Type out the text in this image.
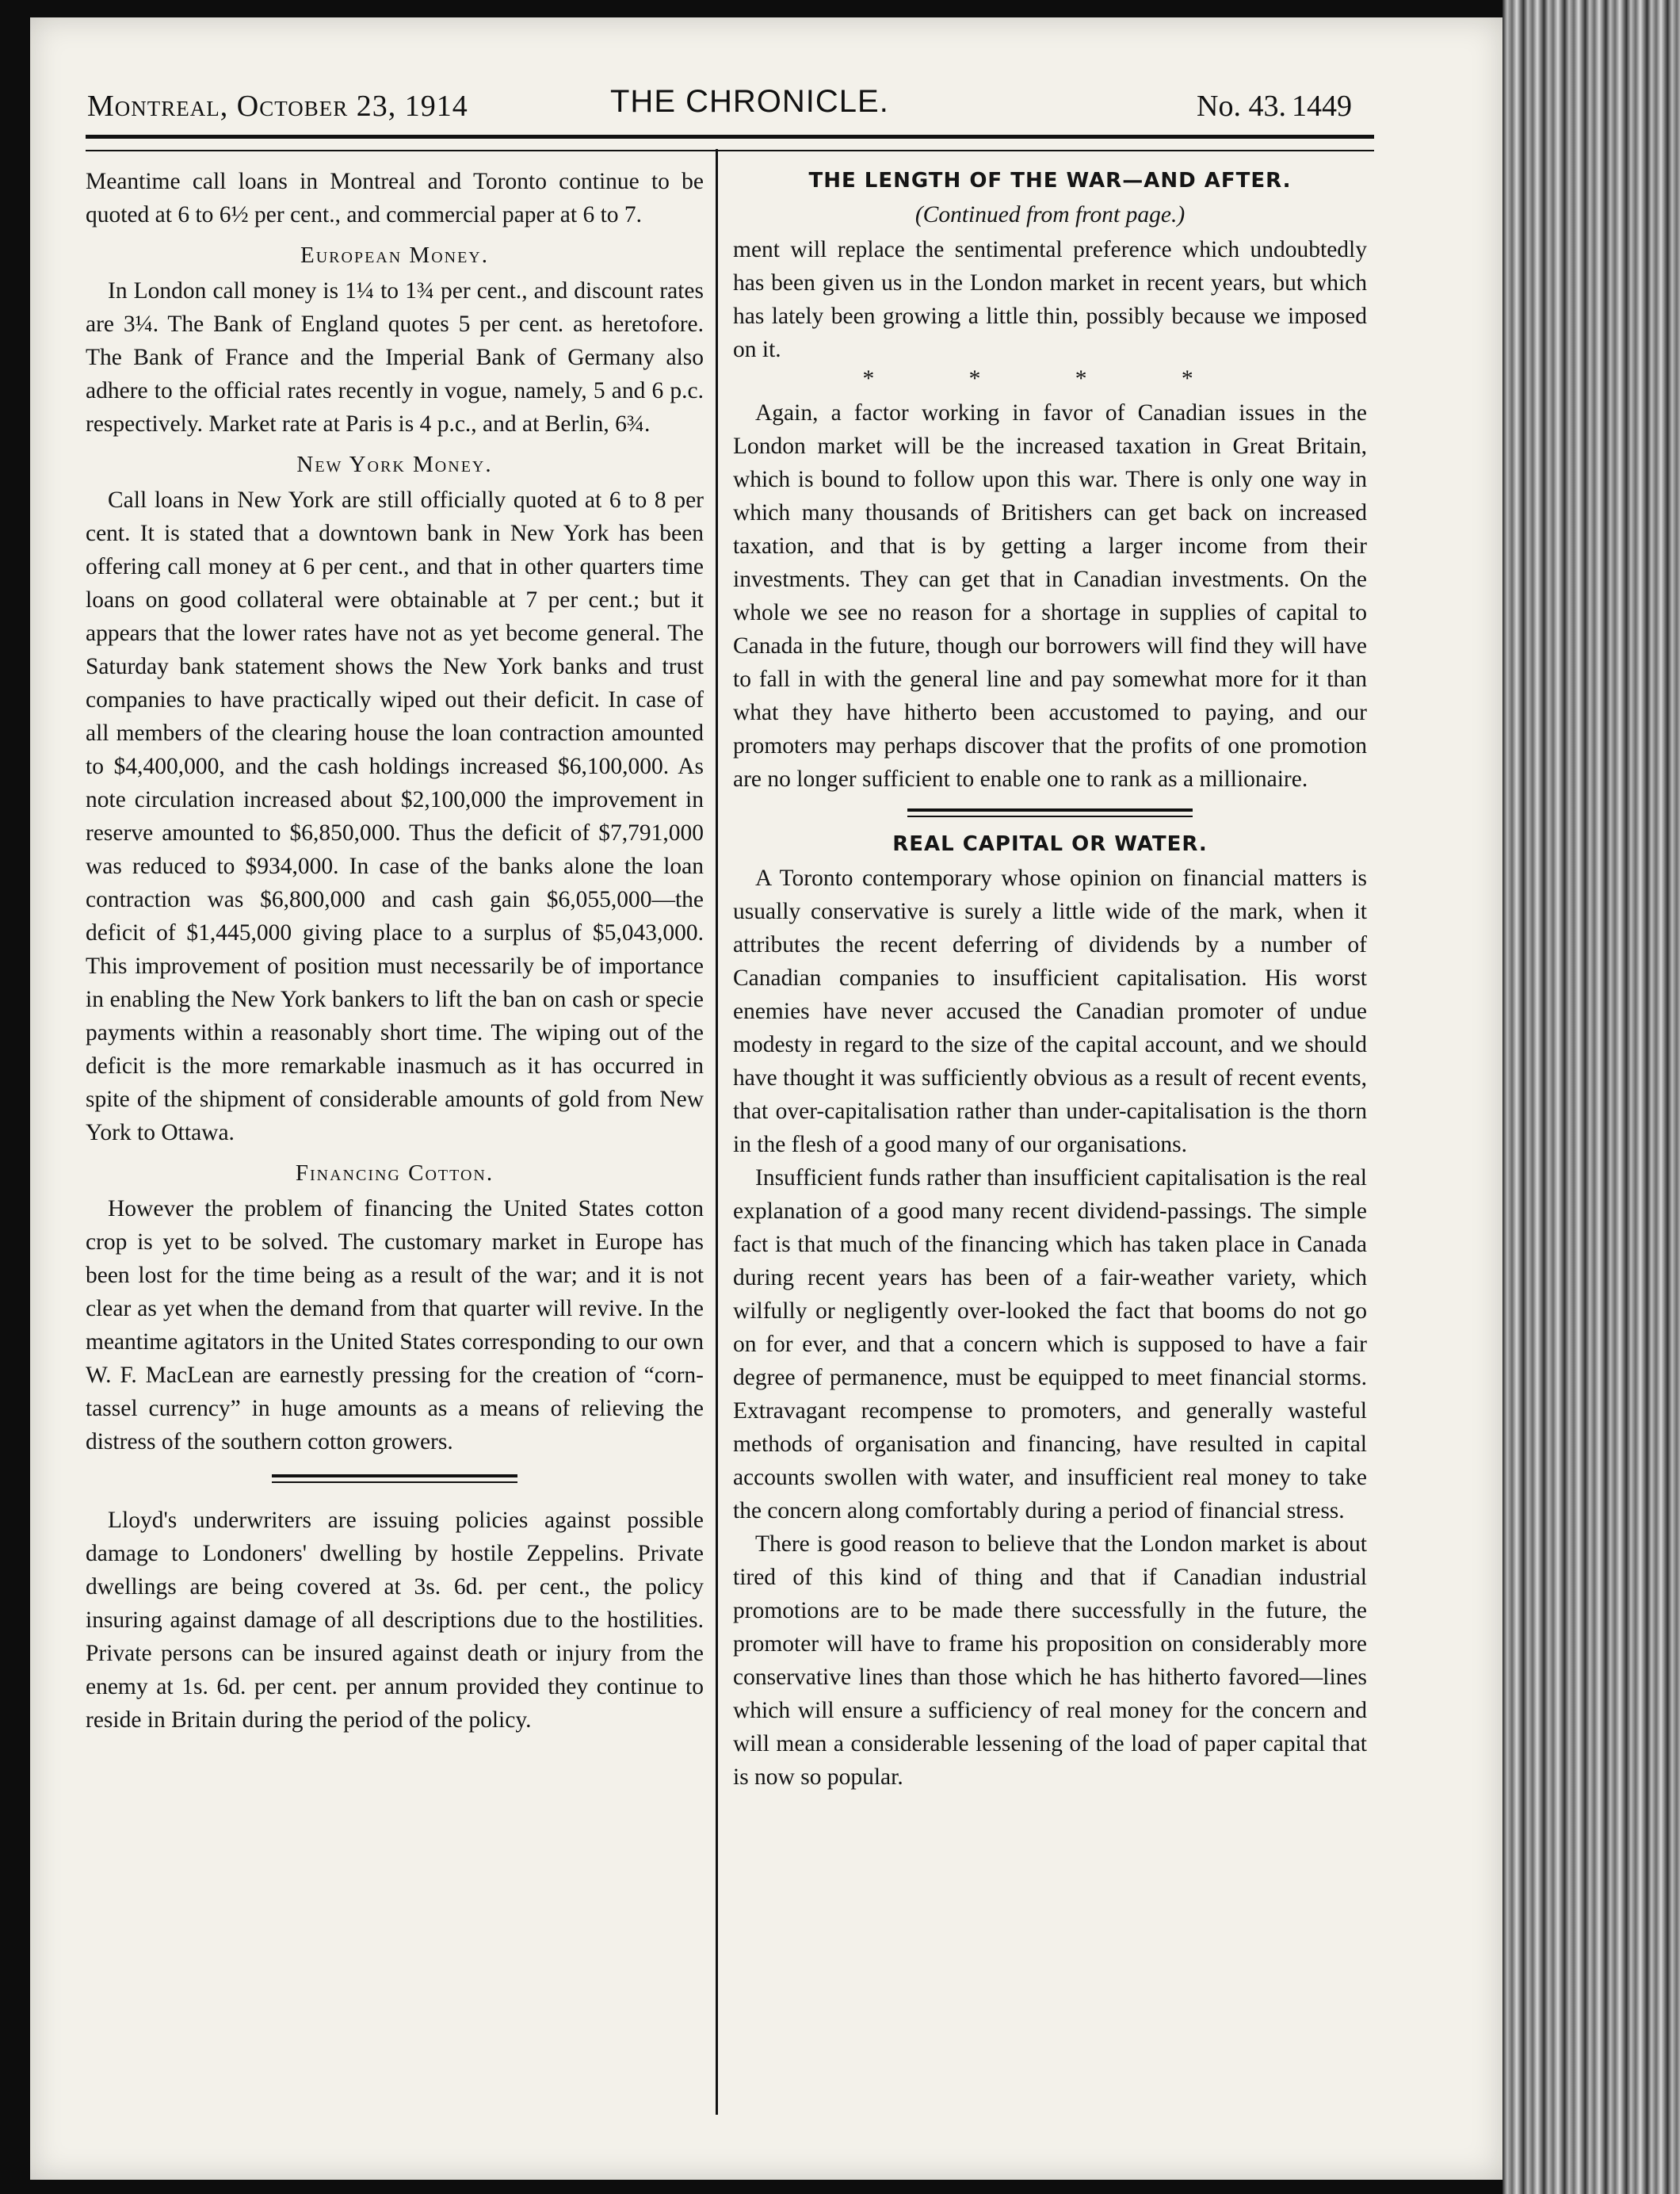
Montreal, October 23, 1914	THE CHRONICLE.	No. 43. 1449

Meantime call loans in Montreal and Toronto continue to be quoted at 6 to 6½ per cent., and commercial paper at 6 to 7.

European Money.

In London call money is 1¼ to 1¾ per cent., and discount rates are 3¼. The Bank of England quotes 5 per cent. as heretofore. The Bank of France and the Imperial Bank of Germany also adhere to the official rates recently in vogue, namely, 5 and 6 p.c. respectively. Market rate at Paris is 4 p.c., and at Berlin, 6¾.

New York Money.

Call loans in New York are still officially quoted at 6 to 8 per cent. It is stated that a downtown bank in New York has been offering call money at 6 per cent., and that in other quarters time loans on good collateral were obtainable at 7 per cent.; but it appears that the lower rates have not as yet become general. The Saturday bank statement shows the New York banks and trust companies to have practically wiped out their deficit. In case of all members of the clearing house the loan contraction amounted to $4,400,000, and the cash holdings increased $6,100,000. As note circulation increased about $2,100,000 the improvement in reserve amounted to $6,850,000. Thus the deficit of $7,791,000 was reduced to $934,000. In case of the banks alone the loan contraction was $6,800,000 and cash gain $6,055,000—the deficit of $1,445,000 giving place to a surplus of $5,043,000. This improvement of position must necessarily be of importance in enabling the New York bankers to lift the ban on cash or specie payments within a reasonably short time. The wiping out of the deficit is the more remarkable inasmuch as it has occurred in spite of the shipment of considerable amounts of gold from New York to Ottawa.

Financing Cotton.

However the problem of financing the United States cotton crop is yet to be solved. The customary market in Europe has been lost for the time being as a result of the war; and it is not clear as yet when the demand from that quarter will revive. In the meantime agitators in the United States corresponding to our own W. F. MacLean are earnestly pressing for the creation of “corn-tassel currency” in huge amounts as a means of relieving the distress of the southern cotton growers.

Lloyd's underwriters are issuing policies against possible damage to Londoners' dwelling by hostile Zeppelins. Private dwellings are being covered at 3s. 6d. per cent., the policy insuring against damage of all descriptions due to the hostilities. Private persons can be insured against death or injury from the enemy at 1s. 6d. per cent. per annum provided they continue to reside in Britain during the period of the policy.

THE LENGTH OF THE WAR—AND AFTER.
(Continued from front page.)

ment will replace the sentimental preference which undoubtedly has been given us in the London market in recent years, but which has lately been growing a little thin, possibly because we imposed on it.

* * * *

Again, a factor working in favor of Canadian issues in the London market will be the increased taxation in Great Britain, which is bound to follow upon this war. There is only one way in which many thousands of Britishers can get back on increased taxation, and that is by getting a larger income from their investments. They can get that in Canadian investments. On the whole we see no reason for a shortage in supplies of capital to Canada in the future, though our borrowers will find they will have to fall in with the general line and pay somewhat more for it than what they have hitherto been accustomed to paying, and our promoters may perhaps discover that the profits of one promotion are no longer sufficient to enable one to rank as a millionaire.

REAL CAPITAL OR WATER.

A Toronto contemporary whose opinion on financial matters is usually conservative is surely a little wide of the mark, when it attributes the recent deferring of dividends by a number of Canadian companies to insufficient capitalisation. His worst enemies have never accused the Canadian promoter of undue modesty in regard to the size of the capital account, and we should have thought it was sufficiently obvious as a result of recent events, that over-capitalisation rather than under-capitalisation is the thorn in the flesh of a good many of our organisations.

Insufficient funds rather than insufficient capitalisation is the real explanation of a good many recent dividend-passings. The simple fact is that much of the financing which has taken place in Canada during recent years has been of a fair-weather variety, which wilfully or negligently over-looked the fact that booms do not go on for ever, and that a concern which is supposed to have a fair degree of permanence, must be equipped to meet financial storms. Extravagant recompense to promoters, and generally wasteful methods of organisation and financing, have resulted in capital accounts swollen with water, and insufficient real money to take the concern along comfortably during a period of financial stress.

There is good reason to believe that the London market is about tired of this kind of thing and that if Canadian industrial promotions are to be made there successfully in the future, the promoter will have to frame his proposition on considerably more conservative lines than those which he has hitherto favored—lines which will ensure a sufficiency of real money for the concern and will mean a considerable lessening of the load of paper capital that is now so popular.
